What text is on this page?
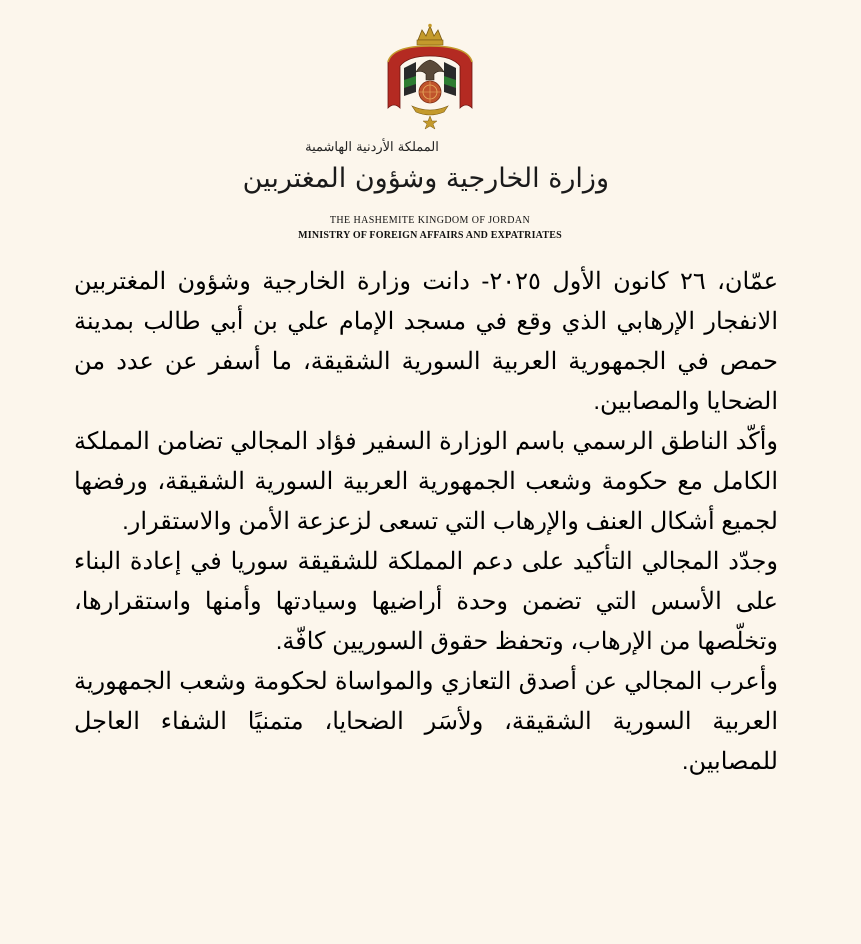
المملكة الأردنية الهاشمية
وزارة الخارجية وشؤون المغتربين
THE HASHEMITE KINGDOM OF JORDAN
MINISTRY OF FOREIGN AFFAIRS AND EXPATRIATES

عمّان، ٢٦ كانون الأول ٢٠٢٥- دانت وزارة الخارجية وشؤون المغتربين الانفجار الإرهابي الذي وقع في مسجد الإمام علي بن أبي طالب بمدينة حمص في الجمهورية العربية السورية الشقيقة، ما أسفر عن عدد من الضحايا والمصابين.

وأكّد الناطق الرسمي باسم الوزارة السفير فؤاد المجالي تضامن المملكة الكامل مع حكومة وشعب الجمهورية العربية السورية الشقيقة، ورفضها لجميع أشكال العنف والإرهاب التي تسعى لزعزعة الأمن والاستقرار.

وجدّد المجالي التأكيد على دعم المملكة للشقيقة سوريا في إعادة البناء على الأسس التي تضمن وحدة أراضيها وسيادتها وأمنها واستقرارها، وتخلّصها من الإرهاب، وتحفظ حقوق السوريين كافّة.

وأعرب المجالي عن أصدق التعازي والمواساة لحكومة وشعب الجمهورية العربية السورية الشقيقة، ولأسَر الضحايا، متمنيًا الشفاء العاجل للمصابين.
